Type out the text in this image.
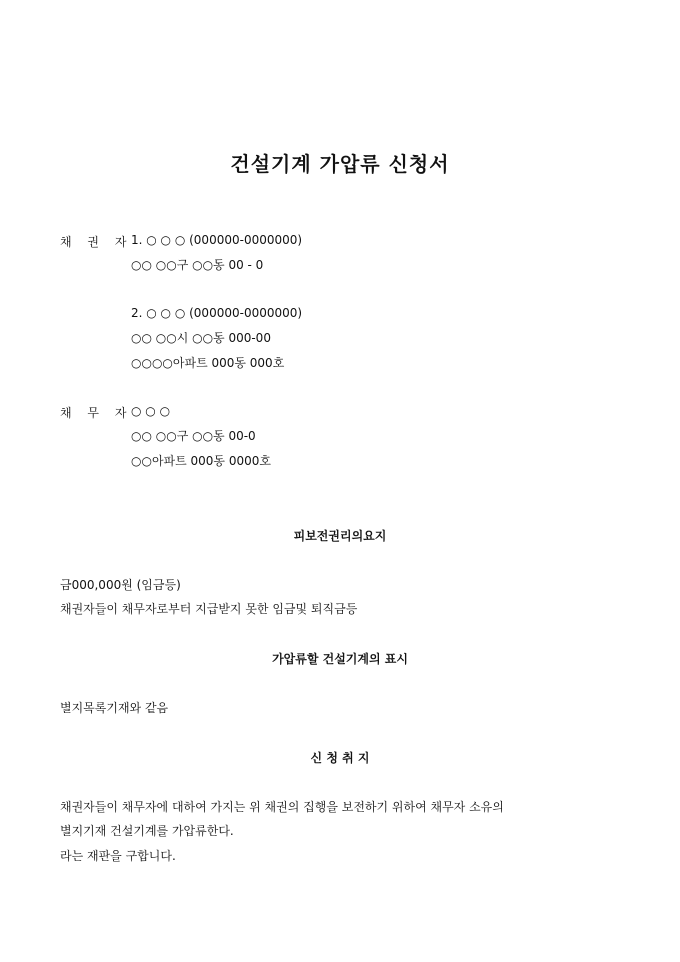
건설기계 가압류 신청서
채 권 자
1. ○ ○ ○ (000000-0000000)
○○ ○○구 ○○동 00 - 0
2. ○ ○ ○ (000000-0000000)
○○ ○○시 ○○동 000-00
○○○○아파트 000동 000호
채 무 자
○ ○ ○
○○ ○○구 ○○동 00-0
○○아파트 000동 0000호
피보전권리의요지
금000,000원 (임금등)
채권자들이 채무자로부터 지급받지 못한 임금및 퇴직금등
가압류할 건설기계의 표시
별지목록기재와 같음
신 청 취 지
채권자들이 채무자에 대하여 가지는 위 채권의 집행을 보전하기 위하여 채무자 소유의
별지기재 건설기계를 가압류한다.
라는 재판을 구합니다.
